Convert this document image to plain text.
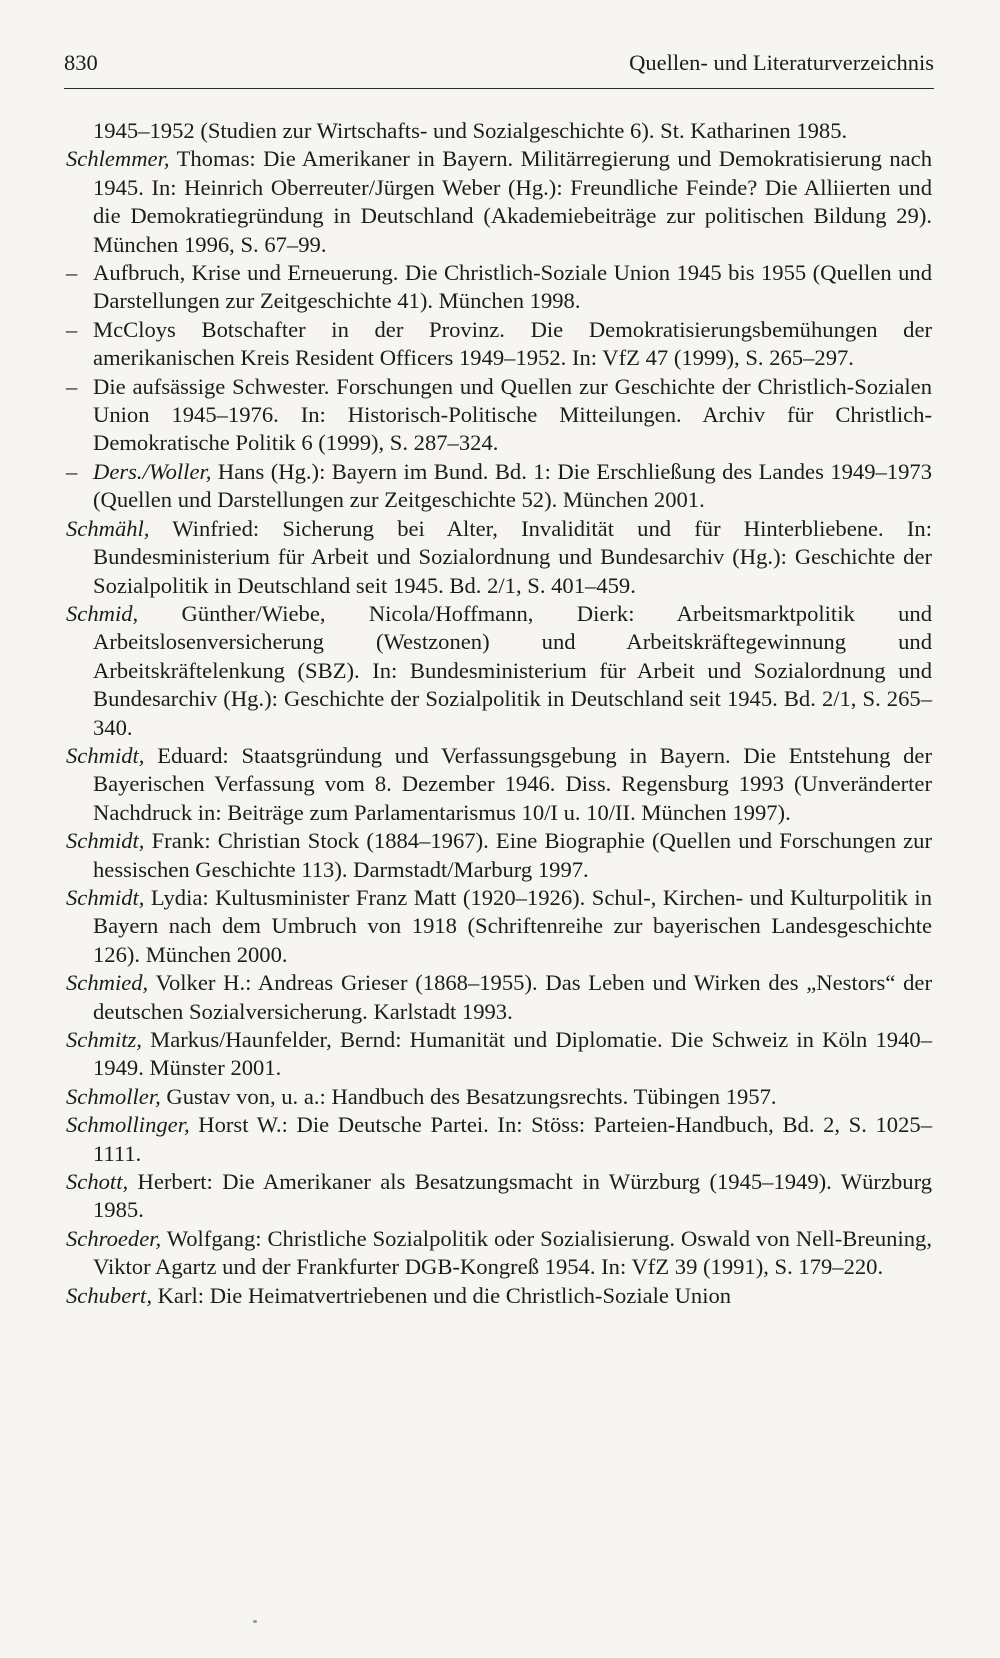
830	Quellen- und Literaturverzeichnis

1945–1952 (Studien zur Wirtschafts- und Sozialgeschichte 6). St. Katharinen 1985.

Schlemmer, Thomas: Die Amerikaner in Bayern. Militärregierung und Demokratisierung nach 1945. In: Heinrich Oberreuter/Jürgen Weber (Hg.): Freundliche Feinde? Die Alliierten und die Demokratiegründung in Deutschland (Akademiebeiträge zur politischen Bildung 29). München 1996, S. 67–99.

– Aufbruch, Krise und Erneuerung. Die Christlich-Soziale Union 1945 bis 1955 (Quellen und Darstellungen zur Zeitgeschichte 41). München 1998.

– McCloys Botschafter in der Provinz. Die Demokratisierungsbemühungen der amerikanischen Kreis Resident Officers 1949–1952. In: VfZ 47 (1999), S. 265–297.

– Die aufsässige Schwester. Forschungen und Quellen zur Geschichte der Christlich-Sozialen Union 1945–1976. In: Historisch-Politische Mitteilungen. Archiv für Christlich-Demokratische Politik 6 (1999), S. 287–324.

– Ders./Woller, Hans (Hg.): Bayern im Bund. Bd. 1: Die Erschließung des Landes 1949–1973 (Quellen und Darstellungen zur Zeitgeschichte 52). München 2001.

Schmähl, Winfried: Sicherung bei Alter, Invalidität und für Hinterbliebene. In: Bundesministerium für Arbeit und Sozialordnung und Bundesarchiv (Hg.): Geschichte der Sozialpolitik in Deutschland seit 1945. Bd. 2/1, S. 401–459.

Schmid, Günther/Wiebe, Nicola/Hoffmann, Dierk: Arbeitsmarktpolitik und Arbeitslosenversicherung (Westzonen) und Arbeitskräftegewinnung und Arbeitskräftelenkung (SBZ). In: Bundesministerium für Arbeit und Sozialordnung und Bundesarchiv (Hg.): Geschichte der Sozialpolitik in Deutschland seit 1945. Bd. 2/1, S. 265–340.

Schmidt, Eduard: Staatsgründung und Verfassungsgebung in Bayern. Die Entstehung der Bayerischen Verfassung vom 8. Dezember 1946. Diss. Regensburg 1993 (Unveränderter Nachdruck in: Beiträge zum Parlamentarismus 10/I u. 10/II. München 1997).

Schmidt, Frank: Christian Stock (1884–1967). Eine Biographie (Quellen und Forschungen zur hessischen Geschichte 113). Darmstadt/Marburg 1997.

Schmidt, Lydia: Kultusminister Franz Matt (1920–1926). Schul-, Kirchen- und Kulturpolitik in Bayern nach dem Umbruch von 1918 (Schriftenreihe zur bayerischen Landesgeschichte 126). München 2000.

Schmied, Volker H.: Andreas Grieser (1868–1955). Das Leben und Wirken des „Nestors“ der deutschen Sozialversicherung. Karlstadt 1993.

Schmitz, Markus/Haunfelder, Bernd: Humanität und Diplomatie. Die Schweiz in Köln 1940–1949. Münster 2001.

Schmoller, Gustav von, u. a.: Handbuch des Besatzungsrechts. Tübingen 1957.

Schmollinger, Horst W.: Die Deutsche Partei. In: Stöss: Parteien-Handbuch, Bd. 2, S. 1025–1111.

Schott, Herbert: Die Amerikaner als Besatzungsmacht in Würzburg (1945–1949). Würzburg 1985.

Schroeder, Wolfgang: Christliche Sozialpolitik oder Sozialisierung. Oswald von Nell-Breuning, Viktor Agartz und der Frankfurter DGB-Kongreß 1954. In: VfZ 39 (1991), S. 179–220.

Schubert, Karl: Die Heimatvertriebenen und die Christlich-Soziale Union
